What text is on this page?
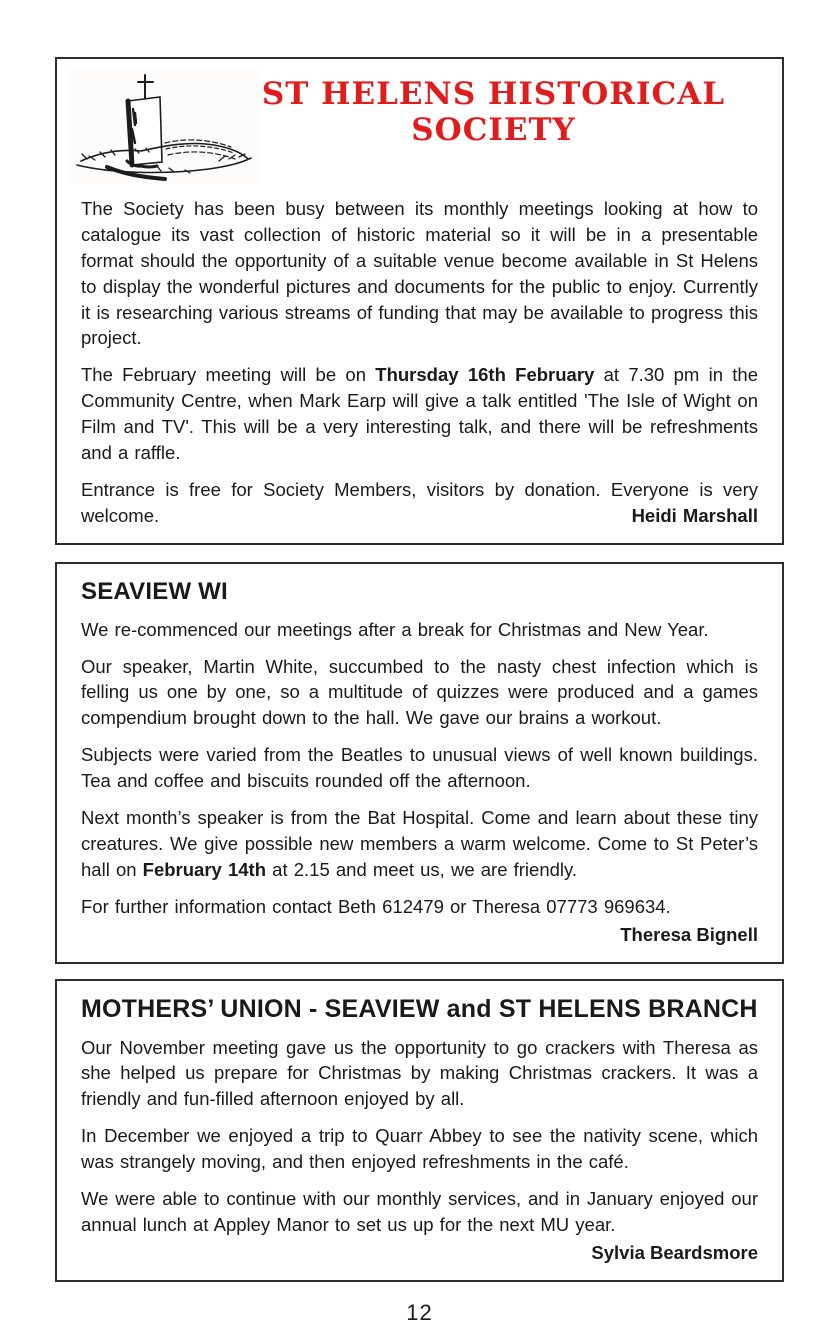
ST HELENS HISTORICAL
SOCIETY

The Society has been busy between its monthly meetings looking at how to catalogue its vast collection of historic material so it will be in a presentable format should the opportunity of a suitable venue become available in St Helens to display the wonderful pictures and documents for the public to enjoy. Currently it is researching various streams of funding that may be available to progress this project.

The February meeting will be on Thursday 16th February at 7.30 pm in the Community Centre, when Mark Earp will give a talk entitled 'The Isle of Wight on Film and TV'. This will be a very interesting talk, and there will be refreshments and a raffle.

Entrance is free for Society Members, visitors by donation. Everyone is very welcome.	Heidi Marshall

SEAVIEW WI

We re-commenced our meetings after a break for Christmas and New Year.

Our speaker, Martin White, succumbed to the nasty chest infection which is felling us one by one, so a multitude of quizzes were produced and a games compendium brought down to the hall. We gave our brains a workout.

Subjects were varied from the Beatles to unusual views of well known buildings. Tea and coffee and biscuits rounded off the afternoon.

Next month’s speaker is from the Bat Hospital. Come and learn about these tiny creatures. We give possible new members a warm welcome. Come to St Peter’s hall on February 14th at 2.15 and meet us, we are friendly.

For further information contact Beth 612479 or Theresa 07773 969634.

Theresa Bignell
MOTHERS’ UNION - SEAVIEW and ST HELENS BRANCH

Our November meeting gave us the opportunity to go crackers with Theresa as she helped us prepare for Christmas by making Christmas crackers. It was a friendly and fun-filled afternoon enjoyed by all.

In December we enjoyed a trip to Quarr Abbey to see the nativity scene, which was strangely moving, and then enjoyed refreshments in the café.

We were able to continue with our monthly services, and in January enjoyed our annual lunch at Appley Manor to set us up for the next MU year.

Sylvia Beardsmore
12
